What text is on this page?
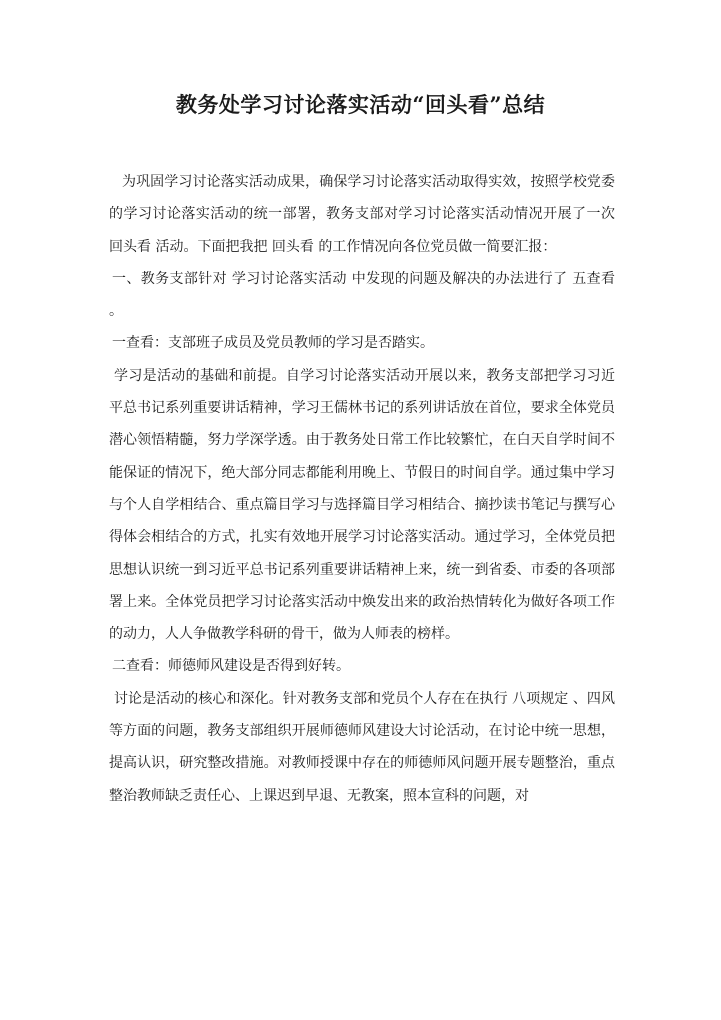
教务处学习讨论落实活动“回头看”总结

为巩固学习讨论落实活动成果，确保学习讨论落实活动取得实效，按照学校党委的学习讨论落实活动的统一部署，教务支部对学习讨论落实活动情况开展了一次 回头看 活动。下面把我把 回头看 的工作情况向各位党员做一简要汇报：

一、教务支部针对 学习讨论落实活动 中发现的问题及解决的办法进行了 五查看 。

一查看：支部班子成员及党员教师的学习是否踏实。

学习是活动的基础和前提。自学习讨论落实活动开展以来，教务支部把学习习近平总书记系列重要讲话精神，学习王儒林书记的系列讲话放在首位，要求全体党员潜心领悟精髓，努力学深学透。由于教务处日常工作比较繁忙，在白天自学时间不能保证的情况下，绝大部分同志都能利用晚上、节假日的时间自学。通过集中学习与个人自学相结合、重点篇目学习与选择篇目学习相结合、摘抄读书笔记与撰写心得体会相结合的方式，扎实有效地开展学习讨论落实活动。通过学习，全体党员把思想认识统一到习近平总书记系列重要讲话精神上来，统一到省委、市委的各项部署上来。全体党员把学习讨论落实活动中焕发出来的政治热情转化为做好各项工作的动力，人人争做教学科研的骨干，做为人师表的榜样。

二查看：师德师风建设是否得到好转。

讨论是活动的核心和深化。针对教务支部和党员个人存在在执行 八项规定 、四风 等方面的问题，教务支部组织开展师德师风建设大讨论活动，在讨论中统一思想，提高认识，研究整改措施。对教师授课中存在的师德师风问题开展专题整治，重点整治教师缺乏责任心、上课迟到早退、无教案，照本宣科的问题，对
